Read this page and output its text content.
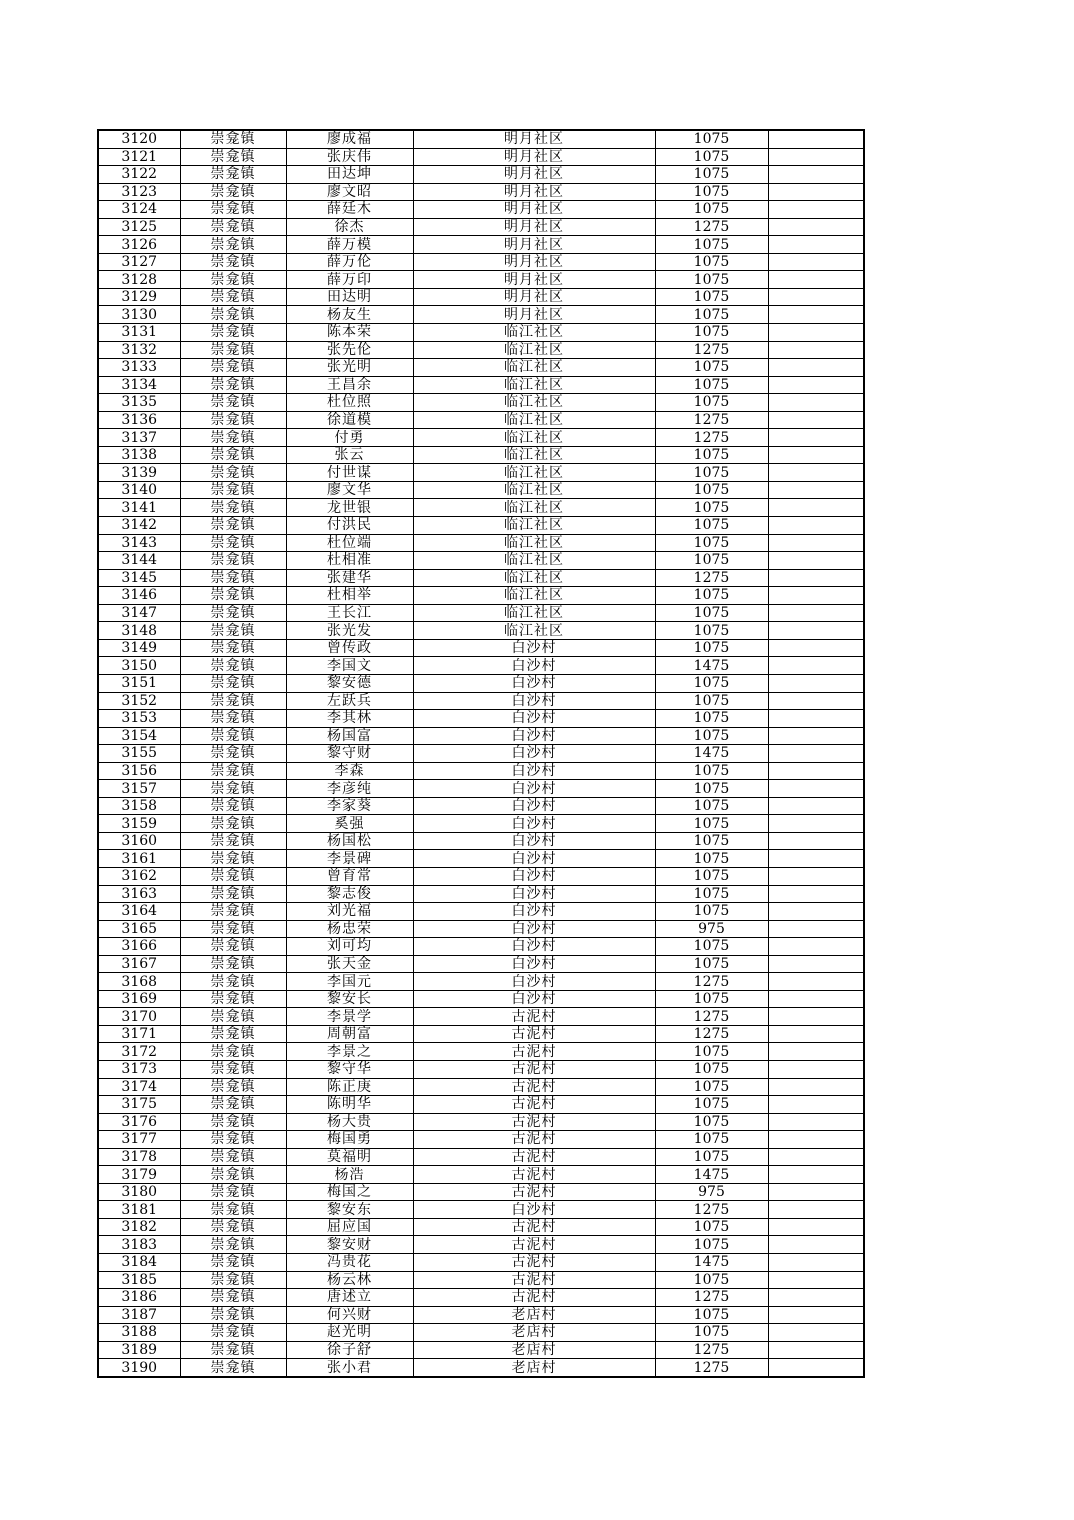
3120	崇龛镇	廖成福	明月社区	1075	
3121	崇龛镇	张庆伟	明月社区	1075	
3122	崇龛镇	田达坤	明月社区	1075	
3123	崇龛镇	廖文昭	明月社区	1075	
3124	崇龛镇	薛廷木	明月社区	1075	
3125	崇龛镇	徐杰	明月社区	1275	
3126	崇龛镇	薛万模	明月社区	1075	
3127	崇龛镇	薛万伦	明月社区	1075	
3128	崇龛镇	薛万印	明月社区	1075	
3129	崇龛镇	田达明	明月社区	1075	
3130	崇龛镇	杨友生	明月社区	1075	
3131	崇龛镇	陈本荣	临江社区	1075	
3132	崇龛镇	张先伦	临江社区	1275	
3133	崇龛镇	张光明	临江社区	1075	
3134	崇龛镇	王昌余	临江社区	1075	
3135	崇龛镇	杜位照	临江社区	1075	
3136	崇龛镇	徐道模	临江社区	1275	
3137	崇龛镇	付勇	临江社区	1275	
3138	崇龛镇	张云	临江社区	1075	
3139	崇龛镇	付世谋	临江社区	1075	
3140	崇龛镇	廖文华	临江社区	1075	
3141	崇龛镇	龙世银	临江社区	1075	
3142	崇龛镇	付洪民	临江社区	1075	
3143	崇龛镇	杜位端	临江社区	1075	
3144	崇龛镇	杜相准	临江社区	1075	
3145	崇龛镇	张建华	临江社区	1275	
3146	崇龛镇	杜相举	临江社区	1075	
3147	崇龛镇	王长江	临江社区	1075	
3148	崇龛镇	张光发	临江社区	1075	
3149	崇龛镇	曾传政	白沙村	1075	
3150	崇龛镇	李国文	白沙村	1475	
3151	崇龛镇	黎安德	白沙村	1075	
3152	崇龛镇	左跃兵	白沙村	1075	
3153	崇龛镇	李其林	白沙村	1075	
3154	崇龛镇	杨国富	白沙村	1075	
3155	崇龛镇	黎守财	白沙村	1475	
3156	崇龛镇	李森	白沙村	1075	
3157	崇龛镇	李彦纯	白沙村	1075	
3158	崇龛镇	李家葵	白沙村	1075	
3159	崇龛镇	奚强	白沙村	1075	
3160	崇龛镇	杨国松	白沙村	1075	
3161	崇龛镇	李景碑	白沙村	1075	
3162	崇龛镇	曾育常	白沙村	1075	
3163	崇龛镇	黎志俊	白沙村	1075	
3164	崇龛镇	刘光福	白沙村	1075	
3165	崇龛镇	杨忠荣	白沙村	975	
3166	崇龛镇	刘可均	白沙村	1075	
3167	崇龛镇	张天金	白沙村	1075	
3168	崇龛镇	李国元	白沙村	1275	
3169	崇龛镇	黎安长	白沙村	1075	
3170	崇龛镇	李景学	古泥村	1275	
3171	崇龛镇	周朝富	古泥村	1275	
3172	崇龛镇	李景之	古泥村	1075	
3173	崇龛镇	黎守华	古泥村	1075	
3174	崇龛镇	陈正庚	古泥村	1075	
3175	崇龛镇	陈明华	古泥村	1075	
3176	崇龛镇	杨大贵	古泥村	1075	
3177	崇龛镇	梅国勇	古泥村	1075	
3178	崇龛镇	莫福明	古泥村	1075	
3179	崇龛镇	杨浩	古泥村	1475	
3180	崇龛镇	梅国之	古泥村	975	
3181	崇龛镇	黎安东	白沙村	1275	
3182	崇龛镇	屈应国	古泥村	1075	
3183	崇龛镇	黎安财	古泥村	1075	
3184	崇龛镇	冯贵花	古泥村	1475	
3185	崇龛镇	杨云林	古泥村	1075	
3186	崇龛镇	唐述立	古泥村	1275	
3187	崇龛镇	何兴财	老店村	1075	
3188	崇龛镇	赵光明	老店村	1075	
3189	崇龛镇	徐子舒	老店村	1275	
3190	崇龛镇	张小君	老店村	1275	
